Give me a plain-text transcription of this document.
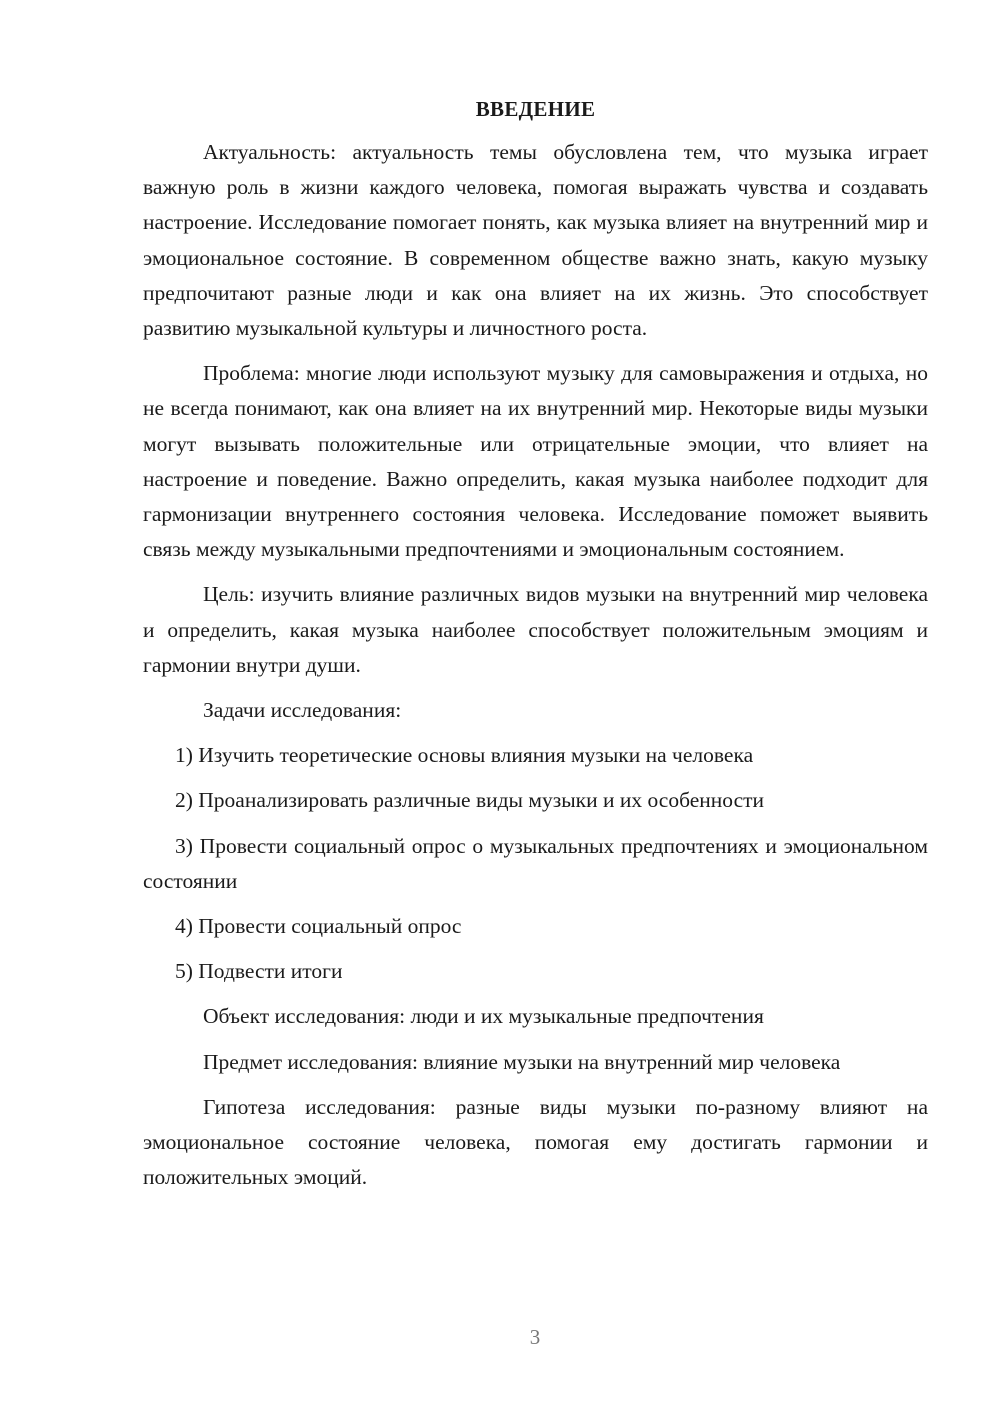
ВВЕДЕНИЕ

Актуальность: актуальность темы обусловлена тем, что музыка играет важную роль в жизни каждого человека, помогая выражать чувства и создавать настроение. Исследование помогает понять, как музыка влияет на внутренний мир и эмоциональное состояние. В современном обществе важно знать, какую музыку предпочитают разные люди и как она влияет на их жизнь. Это способствует развитию музыкальной культуры и личностного роста.

Проблема: многие люди используют музыку для самовыражения и отдыха, но не всегда понимают, как она влияет на их внутренний мир. Некоторые виды музыки могут вызывать положительные или отрицательные эмоции, что влияет на настроение и поведение. Важно определить, какая музыка наиболее подходит для гармонизации внутреннего состояния человека. Исследование поможет выявить связь между музыкальными предпочтениями и эмоциональным состоянием.

Цель: изучить влияние различных видов музыки на внутренний мир человека и определить, какая музыка наиболее способствует положительным эмоциям и гармонии внутри души.

Задачи исследования:

1) Изучить теоретические основы влияния музыки на человека

2) Проанализировать различные виды музыки и их особенности

3) Провести социальный опрос о музыкальных предпочтениях и эмоциональном состоянии

4) Провести социальный опрос

5) Подвести итоги

Объект исследования: люди и их музыкальные предпочтения

Предмет исследования: влияние музыки на внутренний мир человека

Гипотеза исследования: разные виды музыки по-разному влияют на эмоциональное состояние человека, помогая ему достигать гармонии и положительных эмоций.

3
